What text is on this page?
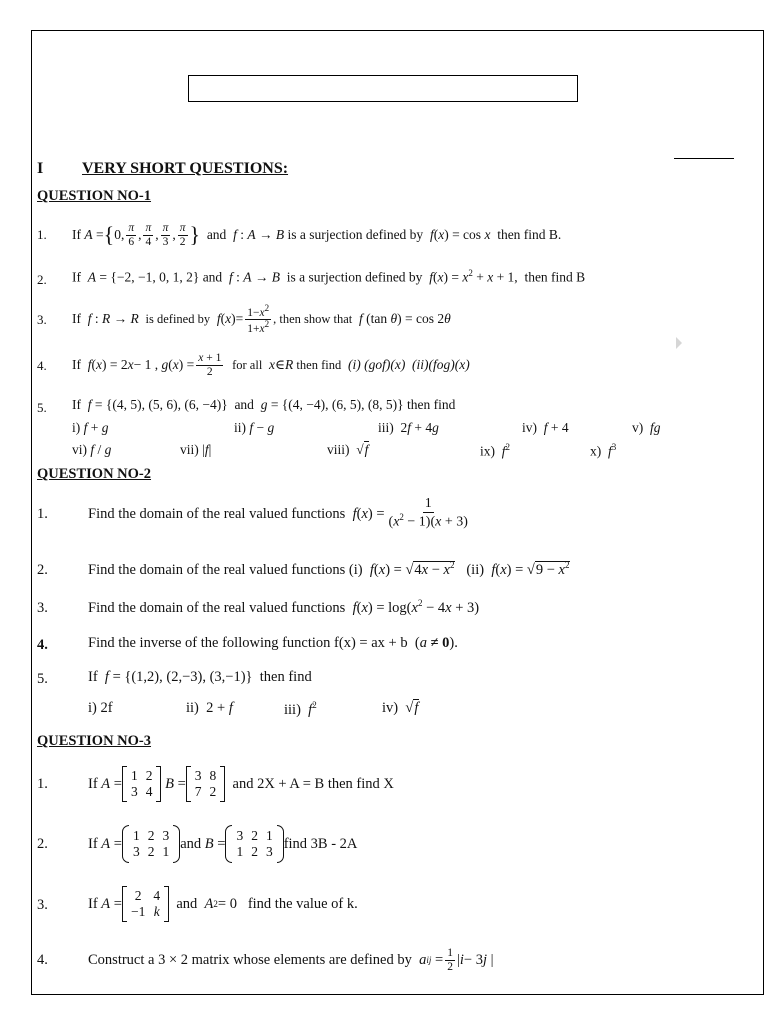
I VERY SHORT QUESTIONS:
QUESTION NO-1
1. If
A = { 0, $\frac{\pi}{6}$ , $\frac{\pi}{4}$ , $\frac{\pi}{3}$ , $\frac{\pi}{2}$ }
and
f : A → B
is a surjection defined by
f ( x ) = cos x
then find B.
2. If A = {−2, −1, 0, 1, 2} and f : A → B is a surjection defined by $f(x) = x^2 + x + 1$,  then find B
3. If
f : R → R
is defined by
f ( x )= $\frac{1-x^2}{1+x^2}$ , then show that
f (tan θ ) = cos 2 θ
4. If
f ( x ) = 2 x − 1 , g ( x ) = $\frac{x + 1}{2}$
for all
x ∈ R
then find
(i) (gof)(x)  (ii)(fog)(x)
5. If f = {(4, 5), (5, 6), (6, −4)}  and g = {(4, −4), (6, 5), (8, 5)} then find
i) f + g	ii) f − g	iii)  2f + 4g	iv) f + 4	v) fg
vi) f / g	vii) |f|	viii)  √f	ix) $f^2$	x) $f^3$
QUESTION NO-2
1.	Find the domain of the real valued functions
f ( x ) = $\frac{1}{(x^2 - 1)(x + 3)}$
2.	Find the domain of the real valued functions (i) $f(x) = √4x - x^2$ (ii) $f(x) = √9 - x^2$
3.	Find the domain of the real valued functions $f(x) = \log(x^2 - 4x + 3)$
4.	Find the inverse of the following function f(x) = ax + b  (a ≠ 0).
5.	If f = {(1,2), (2,−3), (3,−1)}  then find
i) 2f	ii)  2 + f	iii) $f^2$	iv)  √f
QUESTION NO-3
1.	If
A =
1	2
3	4
B =
3	8
7	2
and 2X + A = B then find X
2.	If
A =
1	2	3
3	2	1 and
B =
3	2	1
1	2	3 find 3B - 2A
3.	If
A =
2	4
−1	k
and
A 2 = 0 find the value of k.
4.	Construct a 3 × 2 matrix whose elements are defined by
a ij = $\frac{1}{2}$ | i − 3 j |
